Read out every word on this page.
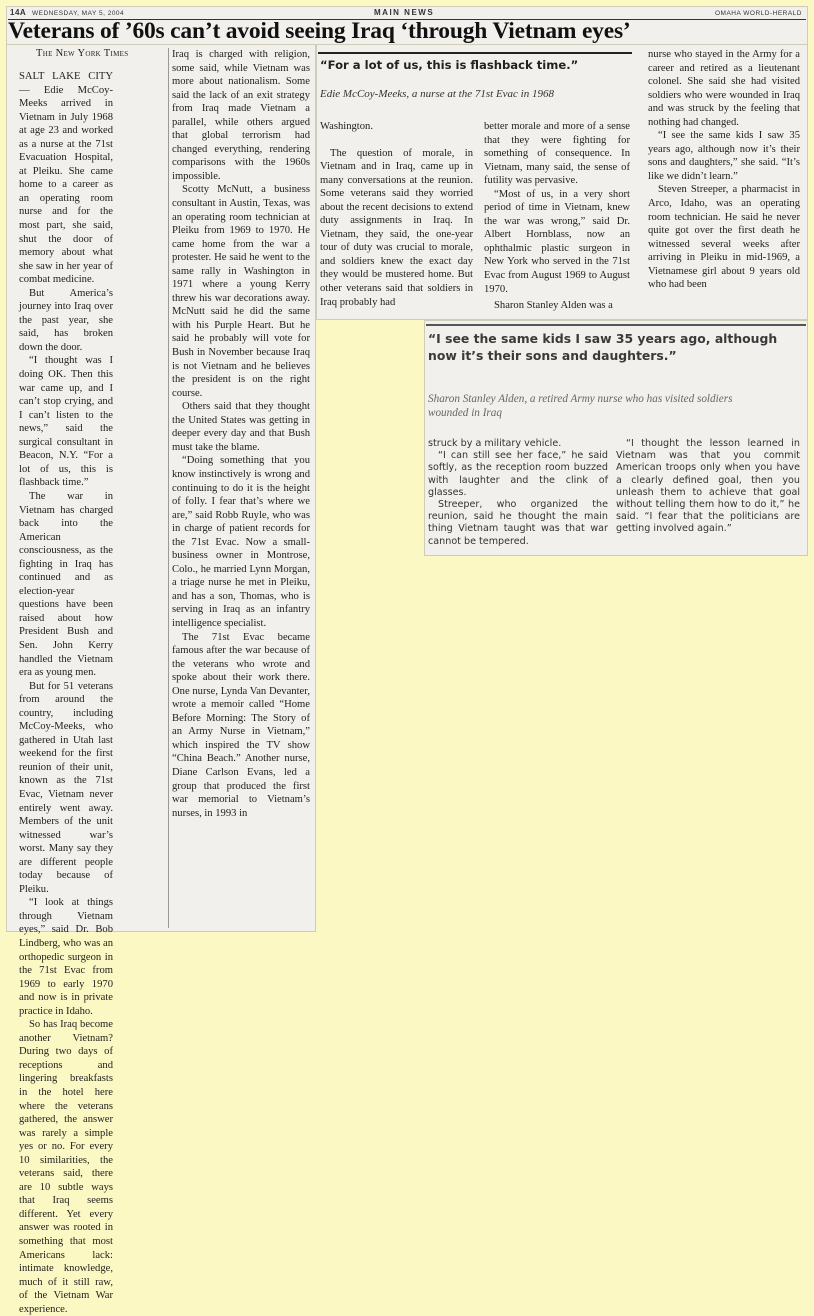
14A WEDNESDAY, MAY 5, 2004	MAIN NEWS	OMAHA WORLD-HERALD
Veterans of ’60s can’t avoid seeing Iraq ‘through Vietnam eyes’
The New York Times

SALT LAKE CITY — Edie McCoy-Meeks arrived in Vietnam in July 1968 at age 23 and worked as a nurse at the 71st Evacuation Hospital, at Pleiku. She came home to a career as an operating room nurse and for the most part, she said, shut the door of memory about what she saw in her year of combat medicine.

But America’s journey into Iraq over the past year, she said, has broken down the door.

“I thought was I doing OK. Then this war came up, and I can’t stop crying, and I can’t listen to the news,” said the surgical consultant in Beacon, N.Y. “For a lot of us, this is flashback time.”

The war in Vietnam has charged back into the American consciousness, as the fighting in Iraq has continued and as election-year questions have been raised about how President Bush and Sen. John Kerry handled the Vietnam era as young men.

But for 51 veterans from around the country, including McCoy-Meeks, who gathered in Utah last weekend for the first reunion of their unit, known as the 71st Evac, Vietnam never entirely went away. Members of the unit witnessed war’s worst. Many say they are different people today because of Pleiku.

“I look at things through Vietnam eyes,” said Dr. Bob Lindberg, who was an orthopedic surgeon in the 71st Evac from 1969 to early 1970 and now is in private practice in Idaho.

So has Iraq become another Vietnam? During two days of receptions and lingering breakfasts in the hotel here where the veterans gathered, the answer was rarely a simple yes or no. For every 10 similarities, the veterans said, there are 10 subtle ways that Iraq seems different. Yet every answer was rooted in something that most Americans lack: intimate knowledge, much of it still raw, of the Vietnam War experience.

Iraq is charged with religion, some said, while Vietnam was more about nationalism. Some said the lack of an exit strategy from Iraq made Vietnam a parallel, while others argued that global terrorism had changed everything, rendering comparisons with the 1960s impossible.

Scotty McNutt, a business consultant in Austin, Texas, was an operating room technician at Pleiku from 1969 to 1970. He came home from the war a protester. He said he went to the same rally in Washington in 1971 where a young Kerry threw his war decorations away. McNutt said he did the same with his Purple Heart. But he said he probably will vote for Bush in November because Iraq is not Vietnam and he believes the president is on the right course.

Others said that they thought the United States was getting in deeper every day and that Bush must take the blame.

“Doing something that you know instinctively is wrong and continuing to do it is the height of folly. I fear that’s where we are,” said Robb Ruyle, who was in charge of patient records for the 71st Evac. Now a small-business owner in Montrose, Colo., he married Lynn Morgan, a triage nurse he met in Pleiku, and has a son, Thomas, who is serving in Iraq as an infantry intelligence specialist.

The 71st Evac became famous after the war because of the veterans who wrote and spoke about their work there. One nurse, Lynda Van Devanter, wrote a memoir called “Home Before Morning: The Story of an Army Nurse in Vietnam,” which inspired the TV show “China Beach.” Another nurse, Diane Carlson Evans, led a group that produced the first war memorial to Vietnam’s nurses, in 1993 in

“For a lot of us, this is flashback time.”
Edie McCoy-Meeks, a nurse at the 71st Evac in 1968

Washington.

The question of morale, in Vietnam and in Iraq, came up in many conversations at the reunion. Some veterans said they worried about the recent decisions to extend duty assignments in Iraq. In Vietnam, they said, the one-year tour of duty was crucial to morale, and soldiers knew the exact day they would be mustered home. But other veterans said that soldiers in Iraq probably had

better morale and more of a sense that they were fighting for something of consequence. In Vietnam, many said, the sense of futility was pervasive.

“Most of us, in a very short period of time in Vietnam, knew the war was wrong,” said Dr. Albert Hornblass, now an ophthalmic plastic surgeon in New York who served in the 71st Evac from August 1969 to August 1970.

Sharon Stanley Alden was a

nurse who stayed in the Army for a career and retired as a lieutenant colonel. She said she had visited soldiers who were wounded in Iraq and was struck by the feeling that nothing had changed.

“I see the same kids I saw 35 years ago, although now it’s their sons and daughters,” she said. “It’s like we didn’t learn.”

Steven Streeper, a pharmacist in Arco, Idaho, was an operating room technician. He said he never quite got over the first death he witnessed several weeks after arriving in Pleiku in mid-1969, a Vietnamese girl about 9 years old who had been

“I see the same kids I saw 35 years ago, although now it’s their sons and daughters.”
Sharon Stanley Alden, a retired Army nurse who has visited soldiers wounded in Iraq

struck by a military vehicle.

“I can still see her face,” he said softly, as the reception room buzzed with laughter and the clink of glasses.

Streeper, who organized the reunion, said he thought the main thing Vietnam taught was that war cannot be tempered.

“I thought the lesson learned in Vietnam was that you commit American troops only when you have a clearly defined goal, then you unleash them to achieve that goal without telling them how to do it,” he said. “I fear that the politicians are getting involved again.”
